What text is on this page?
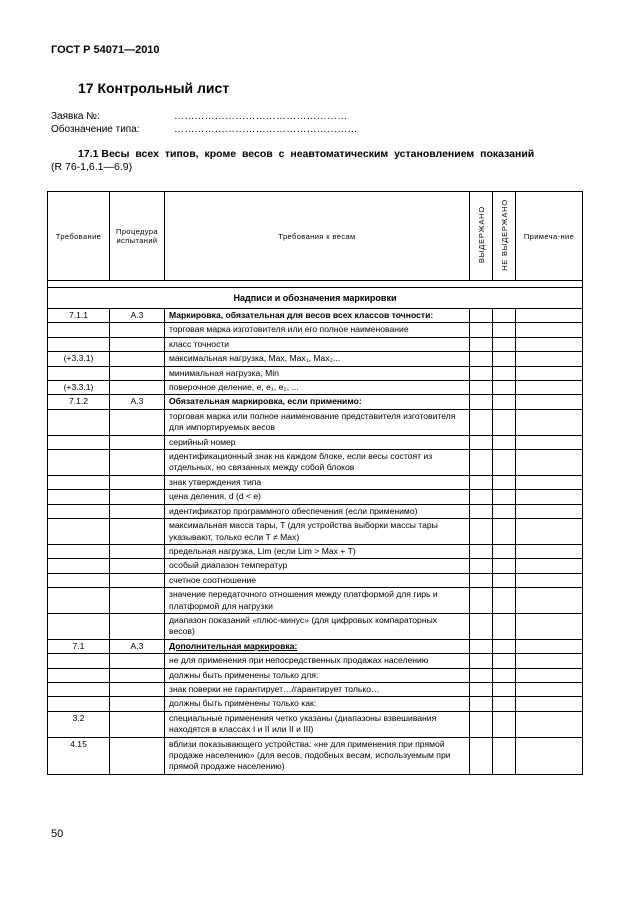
ГОСТ Р 54071—2010
17 Контрольный лист
Заявка №:	……………………………………………
Обозначение типа:	………………………………………………
17.1 Весы всех типов, кроме весов с неавтоматическим установлением показаний
(R 76-1,6.1—6.9)
Требование	Процедура испытаний	Требования к весам	ВЫДЕРЖАНО	НЕ ВЫДЕРЖАНО	Примеча-ние

Надписи и обозначения маркировки					
7.1.1	А.3	Маркировка, обязательная для весов всех классов точности:			
		торговая марка изготовителя или его полное наименование			
		класс точности			
(+3.3.1)		максимальная нагрузка, Max, Max₁, Max₂...			
		минимальная нагрузка, Min			
(+3.3.1)		поверочное деление, e, e₁, e₂, ...			
7.1.2	А.3	Обязательная маркировка, если применимо:			
		торговая марка или полное наименование представителя изготовителя для импортируемых весов			
		серийный номер			
		идентификационный знак на каждом блоке, если весы состоят из отдельных, но связанных между собой блоков			
		знак утверждения типа			
		цена деления, d (d < e)			
		идентификатор программного обеспечения (если применимо)			
		максимальная масса тары, T (для устройства выборки массы тары указывают, только если T ≠ Max)			
		предельная нагрузка, Lim (если Lim > Max + T)			
		особый диапазон температур			
		счетное соотношение			
		значение передаточного отношения между платформой для гирь и платформой для нагрузки			
		диапазон показаний «плюс-минус» (для цифровых компараторных весов)			
7.1	А.3	Дополнительная маркировка:			
		не для применения при непосредственных продажах населению			
		должны быть применены только для:			
		знак поверки не гарантирует…/гарантирует только…			
		должны быть применены только как:			
3.2		специальные применения четко указаны (диапазоны взвешивания находятся в классах I и II или II и III)			
4.15		вблизи показывающего устройства: «не для применения при прямой продаже населению» (для весов, подобных весам, используемым при прямой продаже населению)			
50
